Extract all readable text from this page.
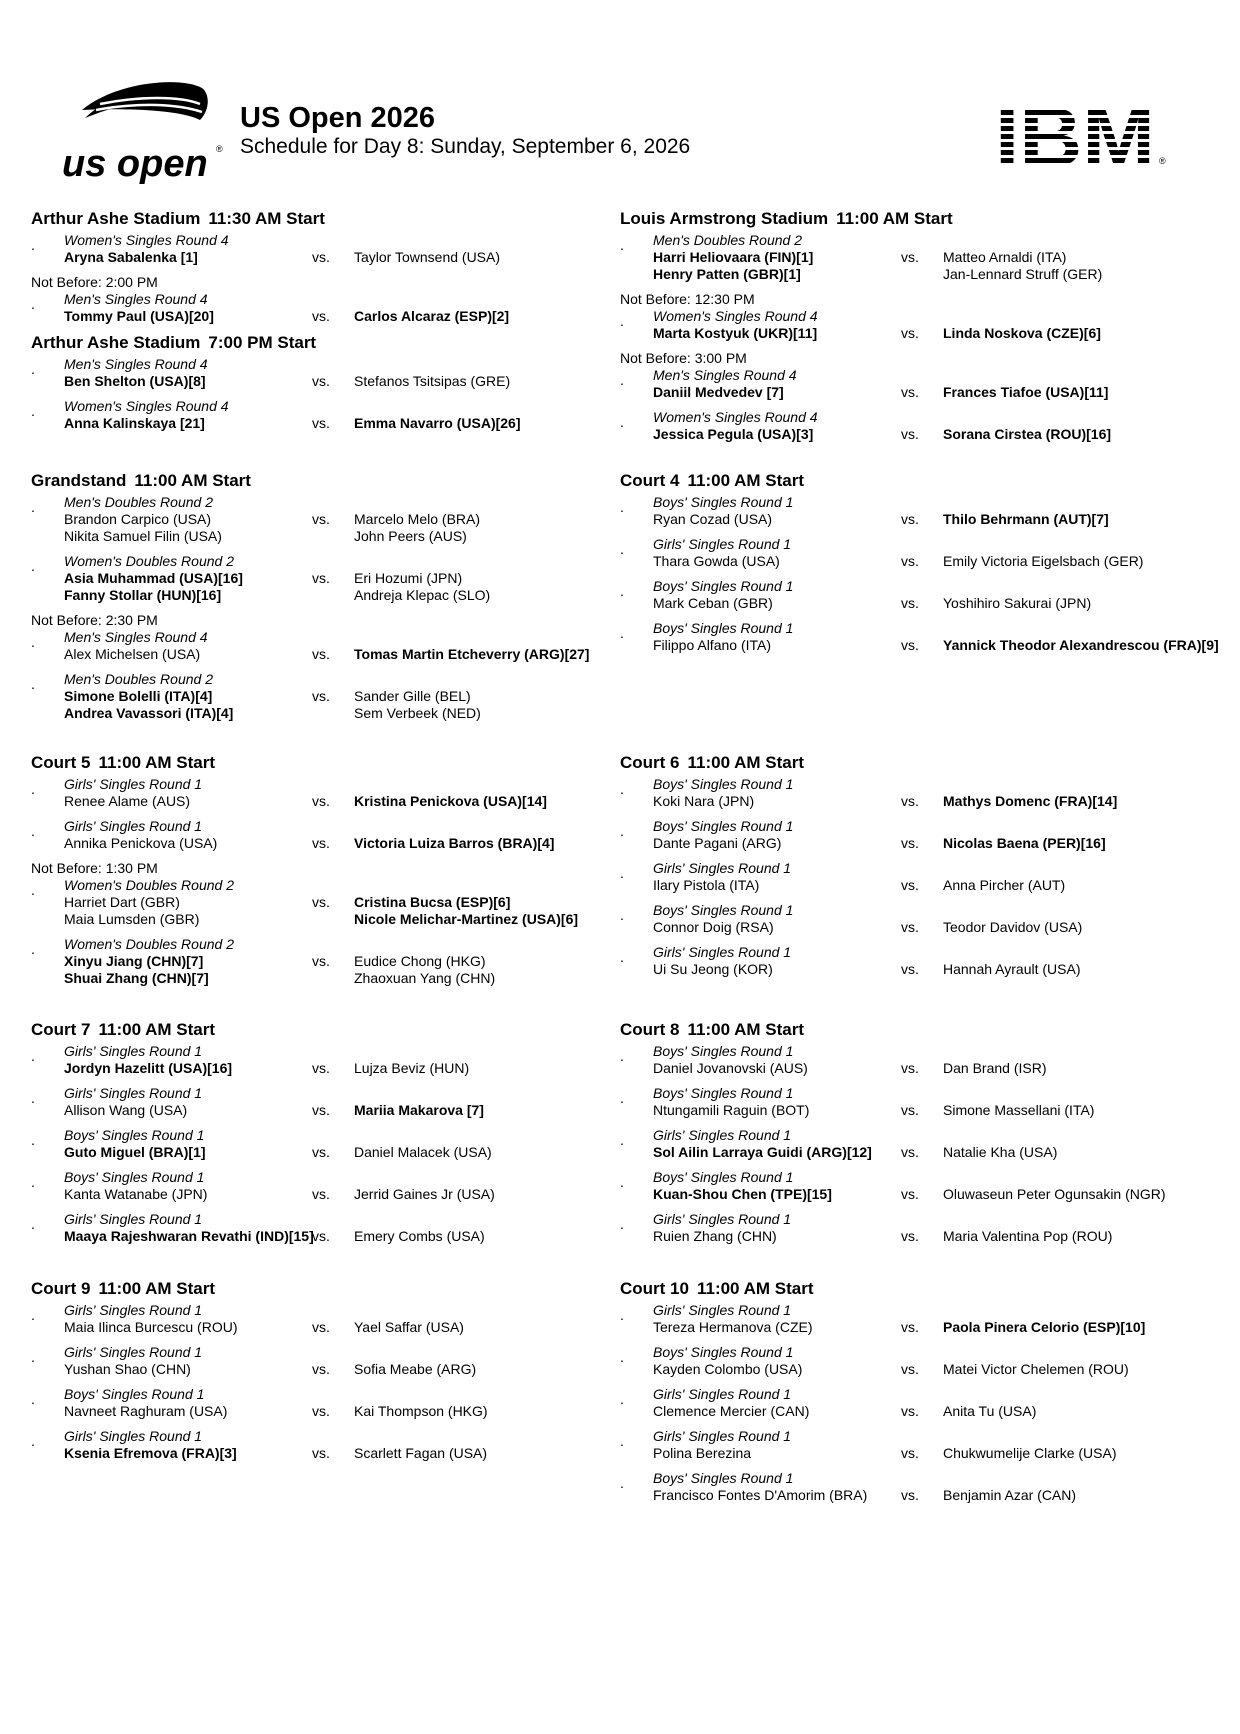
us open ®
US Open 2026
Schedule for Day 8: Sunday, September 6, 2026
®
Arthur Ashe Stadium 11:30 AM Start
. Women's Singles Round 4
Aryna Sabalenka [1]	vs. Taylor Townsend (USA)
Not Before: 2:00 PM
. Men's Singles Round 4
Tommy Paul (USA)[20]	vs. Carlos Alcaraz (ESP)[2]
Arthur Ashe Stadium 7:00 PM Start
. Men's Singles Round 4
Ben Shelton (USA)[8]	vs. Stefanos Tsitsipas (GRE)
. Women's Singles Round 4
Anna Kalinskaya [21]	vs. Emma Navarro (USA)[26]
Grandstand 11:00 AM Start
. Men's Doubles Round 2
Brandon Carpico (USA)
Nikita Samuel Filin (USA)
vs. Marcelo Melo (BRA)
John Peers (AUS)
. Women's Doubles Round 2
Asia Muhammad (USA)[16]
Fanny Stollar (HUN)[16]
vs. Eri Hozumi (JPN)
Andreja Klepac (SLO)
Not Before: 2:30 PM
. Men's Singles Round 4
Alex Michelsen (USA)	vs. Tomas Martin Etcheverry (ARG)[27]
. Men's Doubles Round 2
Simone Bolelli (ITA)[4]
Andrea Vavassori (ITA)[4]
vs. Sander Gille (BEL)
Sem Verbeek (NED)
Court 5 11:00 AM Start
. Girls' Singles Round 1
Renee Alame (AUS)	vs. Kristina Penickova (USA)[14]
. Girls' Singles Round 1
Annika Penickova (USA)	vs. Victoria Luiza Barros (BRA)[4]
Not Before: 1:30 PM
. Women's Doubles Round 2
Harriet Dart (GBR)
Maia Lumsden (GBR)
vs. Cristina Bucsa (ESP)[6]
Nicole Melichar-Martinez (USA)[6]
. Women's Doubles Round 2
Xinyu Jiang (CHN)[7]
Shuai Zhang (CHN)[7]
vs. Eudice Chong (HKG)
Zhaoxuan Yang (CHN)
Court 7 11:00 AM Start
. Girls' Singles Round 1
Jordyn Hazelitt (USA)[16]	vs. Lujza Beviz (HUN)
. Girls' Singles Round 1
Allison Wang (USA)	vs. Mariia Makarova [7]
. Boys' Singles Round 1
Guto Miguel (BRA)[1]	vs. Daniel Malacek (USA)
. Boys' Singles Round 1
Kanta Watanabe (JPN)	vs. Jerrid Gaines Jr (USA)
. Girls' Singles Round 1
Maaya Rajeshwaran Revathi (IND)[15]
vs. Emery Combs (USA)
Court 9 11:00 AM Start
. Girls' Singles Round 1
Maia Ilinca Burcescu (ROU)	vs. Yael Saffar (USA)
. Girls' Singles Round 1
Yushan Shao (CHN)	vs. Sofia Meabe (ARG)
. Boys' Singles Round 1
Navneet Raghuram (USA)	vs. Kai Thompson (HKG)
. Girls' Singles Round 1
Ksenia Efremova (FRA)[3]	vs. Scarlett Fagan (USA)
Louis Armstrong Stadium 11:00 AM Start
. Men's Doubles Round 2
Harri Heliovaara (FIN)[1]
Henry Patten (GBR)[1]
vs. Matteo Arnaldi (ITA)
Jan-Lennard Struff (GER)
Not Before: 12:30 PM
. Women's Singles Round 4
Marta Kostyuk (UKR)[11]	vs. Linda Noskova (CZE)[6]
Not Before: 3:00 PM
. Men's Singles Round 4
Daniil Medvedev [7]	vs. Frances Tiafoe (USA)[11]
. Women's Singles Round 4
Jessica Pegula (USA)[3]	vs. Sorana Cirstea (ROU)[16]
Court 4 11:00 AM Start
. Boys' Singles Round 1
Ryan Cozad (USA)	vs. Thilo Behrmann (AUT)[7]
. Girls' Singles Round 1
Thara Gowda (USA)	vs. Emily Victoria Eigelsbach (GER)
. Boys' Singles Round 1
Mark Ceban (GBR)	vs. Yoshihiro Sakurai (JPN)
. Boys' Singles Round 1
Filippo Alfano (ITA)	vs. Yannick Theodor Alexandrescou (FRA)[9]
Court 6 11:00 AM Start
. Boys' Singles Round 1
Koki Nara (JPN)	vs. Mathys Domenc (FRA)[14]
. Boys' Singles Round 1
Dante Pagani (ARG)	vs. Nicolas Baena (PER)[16]
. Girls' Singles Round 1
Ilary Pistola (ITA)	vs. Anna Pircher (AUT)
. Boys' Singles Round 1
Connor Doig (RSA)	vs. Teodor Davidov (USA)
. Girls' Singles Round 1
Ui Su Jeong (KOR)	vs. Hannah Ayrault (USA)
Court 8 11:00 AM Start
. Boys' Singles Round 1
Daniel Jovanovski (AUS)	vs. Dan Brand (ISR)
. Boys' Singles Round 1
Ntungamili Raguin (BOT)	vs. Simone Massellani (ITA)
. Girls' Singles Round 1
Sol Ailin Larraya Guidi (ARG)[12] vs. Natalie Kha (USA)
. Boys' Singles Round 1
Kuan-Shou Chen (TPE)[15]	vs. Oluwaseun Peter Ogunsakin (NGR)
. Girls' Singles Round 1
Ruien Zhang (CHN)	vs. Maria Valentina Pop (ROU)
Court 10 11:00 AM Start
. Girls' Singles Round 1
Tereza Hermanova (CZE)	vs. Paola Pinera Celorio (ESP)[10]
. Boys' Singles Round 1
Kayden Colombo (USA)	vs. Matei Victor Chelemen (ROU)
. Girls' Singles Round 1
Clemence Mercier (CAN)	vs. Anita Tu (USA)
. Girls' Singles Round 1
Polina Berezina	vs. Chukwumelije Clarke (USA)
. Boys' Singles Round 1
Francisco Fontes D'Amorim (BRA) vs. Benjamin Azar (CAN)
